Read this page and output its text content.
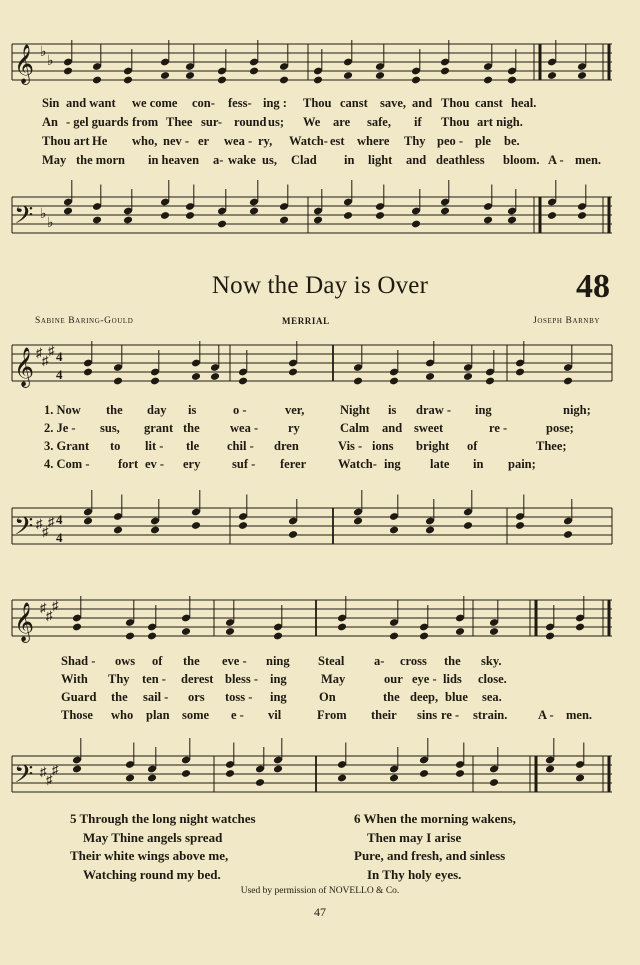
𝄞 ♭
♭
Sin and want we come con- fess- ing : Thou canst save, and Thou canst heal.
An - gel guards from Thee sur- round us; We are safe, if Thou art nigh.
Thou art He who, nev - er wea - ry, Watch- est where Thy peo - ple be.
May the morn in heaven a- wake us, Clad in light and deathless bloom. A - men.
𝄢 ♭
♭
Now the Day is Over	48
Sabine Baring-Gould	MERRIAL	Joseph Barnby
𝄞 ♯
♯
♯ 4
4
1. Now the day is	o -	ver,	Night is draw - ing	nigh;
2. Je - sus, grant the wea - ry	Calm and sweet	re -	pose;
3. Grant to lit - tle chil - dren	Vis - ions bright of	Thee;
4. Com - fort ev - ery	suf - ferer	Watch- ing late in pain;
𝄢 ♯
♯
♯ 4
4
𝄞 ♯
♯
♯
Shad - ows of the eve - ning Steal a- cross the sky.
With Thy ten - derest bless - ing	May	our eye - lids close.
Guard the sail - ors toss - ing	On	the deep, blue sea.
Those who plan some e - vil	From their sins re - strain. A - men.
𝄢 ♯
♯
♯
5 Through the long night watches
May Thine angels spread
Their white wings above me,
Watching round my bed.
6 When the morning wakens,
Then may I arise
Pure, and fresh, and sinless
In Thy holy eyes.
Used by permission of NOVELLO & Co.
47
